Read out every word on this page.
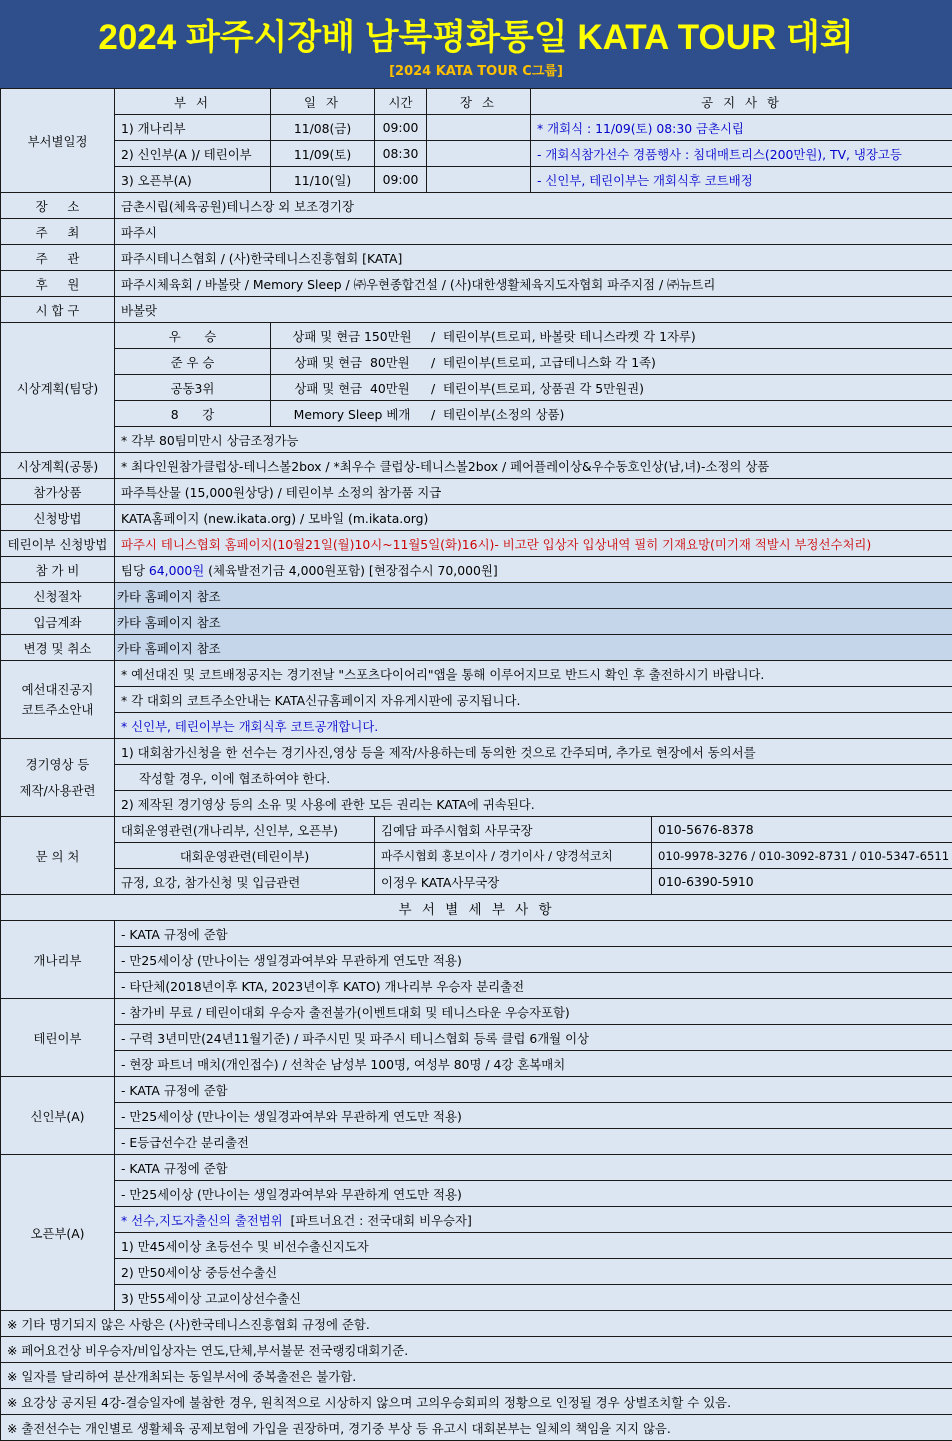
2024 파주시장배 남북평화통일 KATA TOUR 대회
[2024 KATA TOUR C그룹]
부서별일정	부 서	일 자	시간	장 소	공 지 사 항	
	1) 개나리부	11/08(금)	09:00		* 개회식 : 11/09(토) 08:30 금촌시립	
	2) 신인부(A )/ 테린이부	11/09(토)	08:30		- 개회식참가선수 경품행사 : 침대매트리스(200만원), TV, 냉장고등	
	3) 오픈부(A)	11/10(일)	09:00		- 신인부, 테린이부는 개회식후 코트배정	
장     소	금촌시립(체육공원)테니스장 외 보조경기장					
주     최	파주시					
주     관	파주시테니스협회 / (사)한국테니스진흥협회 [KATA]					
후     원	파주시체육회 / 바볼랏 / Memory Sleep / ㈜우현종합건설 / (사)대한생활체육지도자협회 파주지점 / ㈜뉴트리					
시 합 구	바볼랏					
시상계획(팀당)	우      승	상패 및 현금 150만원 / 테린이부(트로피, 바볼랏 테니스라켓 각 1자루)				
	준 우 승	상패 및 현금  80만원 / 테린이부(트로피, 고급테니스화 각 1족)				
	공동3위	상패 및 현금  40만원 / 테린이부(트로피, 상품권 각 5만원권)				
	8      강	Memory Sleep 베개 / 테린이부(소정의 상품)				
	* 각부 80팀미만시 상금조정가능					
시상계획(공통)	* 최다인원참가클럽상-테니스볼2box / *최우수 클럽상-테니스볼2box / 페어플레이상&우수동호인상(남,녀)-소정의 상품					
참가상품	파주특산물 (15,000원상당) / 테린이부 소정의 참가품 지급					
신청방법	KATA홈페이지 (new.ikata.org) / 모바일 (m.ikata.org)					
테린이부 신청방법	파주시 테니스협회 홈페이지(10월21일(월)10시~11월5일(화)16시)- 비고란 입상자 입상내역 필히 기재요망(미기재 적발시 부정선수처리)					
참 가 비	팀당 64,000원 (체육발전기금 4,000원포함) [현장접수시 70,000원]					
신청절차	카타 홈페이지 참조					
입금계좌	카타 홈페이지 참조					
변경 및 취소	카타 홈페이지 참조					
예선대진공지
코트주소안내	* 예선대진 및 코트배정공지는 경기전날 "스포츠다이어리"앱을 통해 이루어지므로 반드시 확인 후 출전하시기 바랍니다.					
	* 각 대회의 코트주소안내는 KATA신규홈페이지 자유게시판에 공지됩니다.					
	* 신인부, 테린이부는 개회식후 코트공개합니다.					
경기영상 등
제작/사용관련	1) 대회참가신청을 한 선수는 경기사진,영상 등을 제작/사용하는데 동의한 것으로 간주되며, 추가로 현장에서 동의서를					
	작성할 경우, 이에 협조하여야 한다.					
	2) 제작된 경기영상 등의 소유 및 사용에 관한 모든 권리는 KATA에 귀속된다.					
문 의 처	대회운영관련(개나리부, 신인부, 오픈부)		김예담 파주시협회 사무국장			010-5676-8378
	대회운영관련(테린이부)		파주시협회 홍보이사 / 경기이사 / 양경석코치			010-9978-3276 / 010-3092-8731 / 010-5347-6511
	규정, 요강, 참가신청 및 입금관련		이정우 KATA사무국장			010-6390-5910
부 서 별 세 부 사 항						
개나리부	- KATA 규정에 준함					
	- 만25세이상 (만나이는 생일경과여부와 무관하게 연도만 적용)					
	- 타단체(2018년이후 KTA, 2023년이후 KATO) 개나리부 우승자 분리출전					
테린이부	- 참가비 무료 / 테린이대회 우승자 출전불가(이벤트대회 및 테니스타운 우승자포함)					
	- 구력 3년미만(24년11월기준) / 파주시민 및 파주시 테니스협회 등록 클럽 6개월 이상					
	- 현장 파트너 매치(개인접수) / 선착순 남성부 100명, 여성부 80명 / 4강 혼복매치					
신인부(A)	- KATA 규정에 준함					
	- 만25세이상 (만나이는 생일경과여부와 무관하게 연도만 적용)					
	- E등급선수간 분리출전					
오픈부(A)	- KATA 규정에 준함					
	- 만25세이상 (만나이는 생일경과여부와 무관하게 연도만 적용)					
	* 선수,지도자출신의 출전범위  [파트너요건 : 전국대회 비우승자]					
	1) 만45세이상 초등선수 및 비선수출신지도자					
	2) 만50세이상 중등선수출신					
	3) 만55세이상 고교이상선수출신					
※ 기타 명기되지 않은 사항은 (사)한국테니스진흥협회 규정에 준함.						
※ 페어요건상 비우승자/비입상자는 연도,단체,부서불문 전국랭킹대회기준.						
※ 일자를 달리하여 분산개최되는 동일부서에 중복출전은 불가함.						
※ 요강상 공지된 4강-결승일자에 불참한 경우, 원칙적으로 시상하지 않으며 고의우승회피의 정황으로 인정될 경우 상벌조치할 수 있음.						
※ 출전선수는 개인별로 생활체육 공제보험에 가입을 권장하며, 경기중 부상 등 유고시 대회본부는 일체의 책임을 지지 않음.						
